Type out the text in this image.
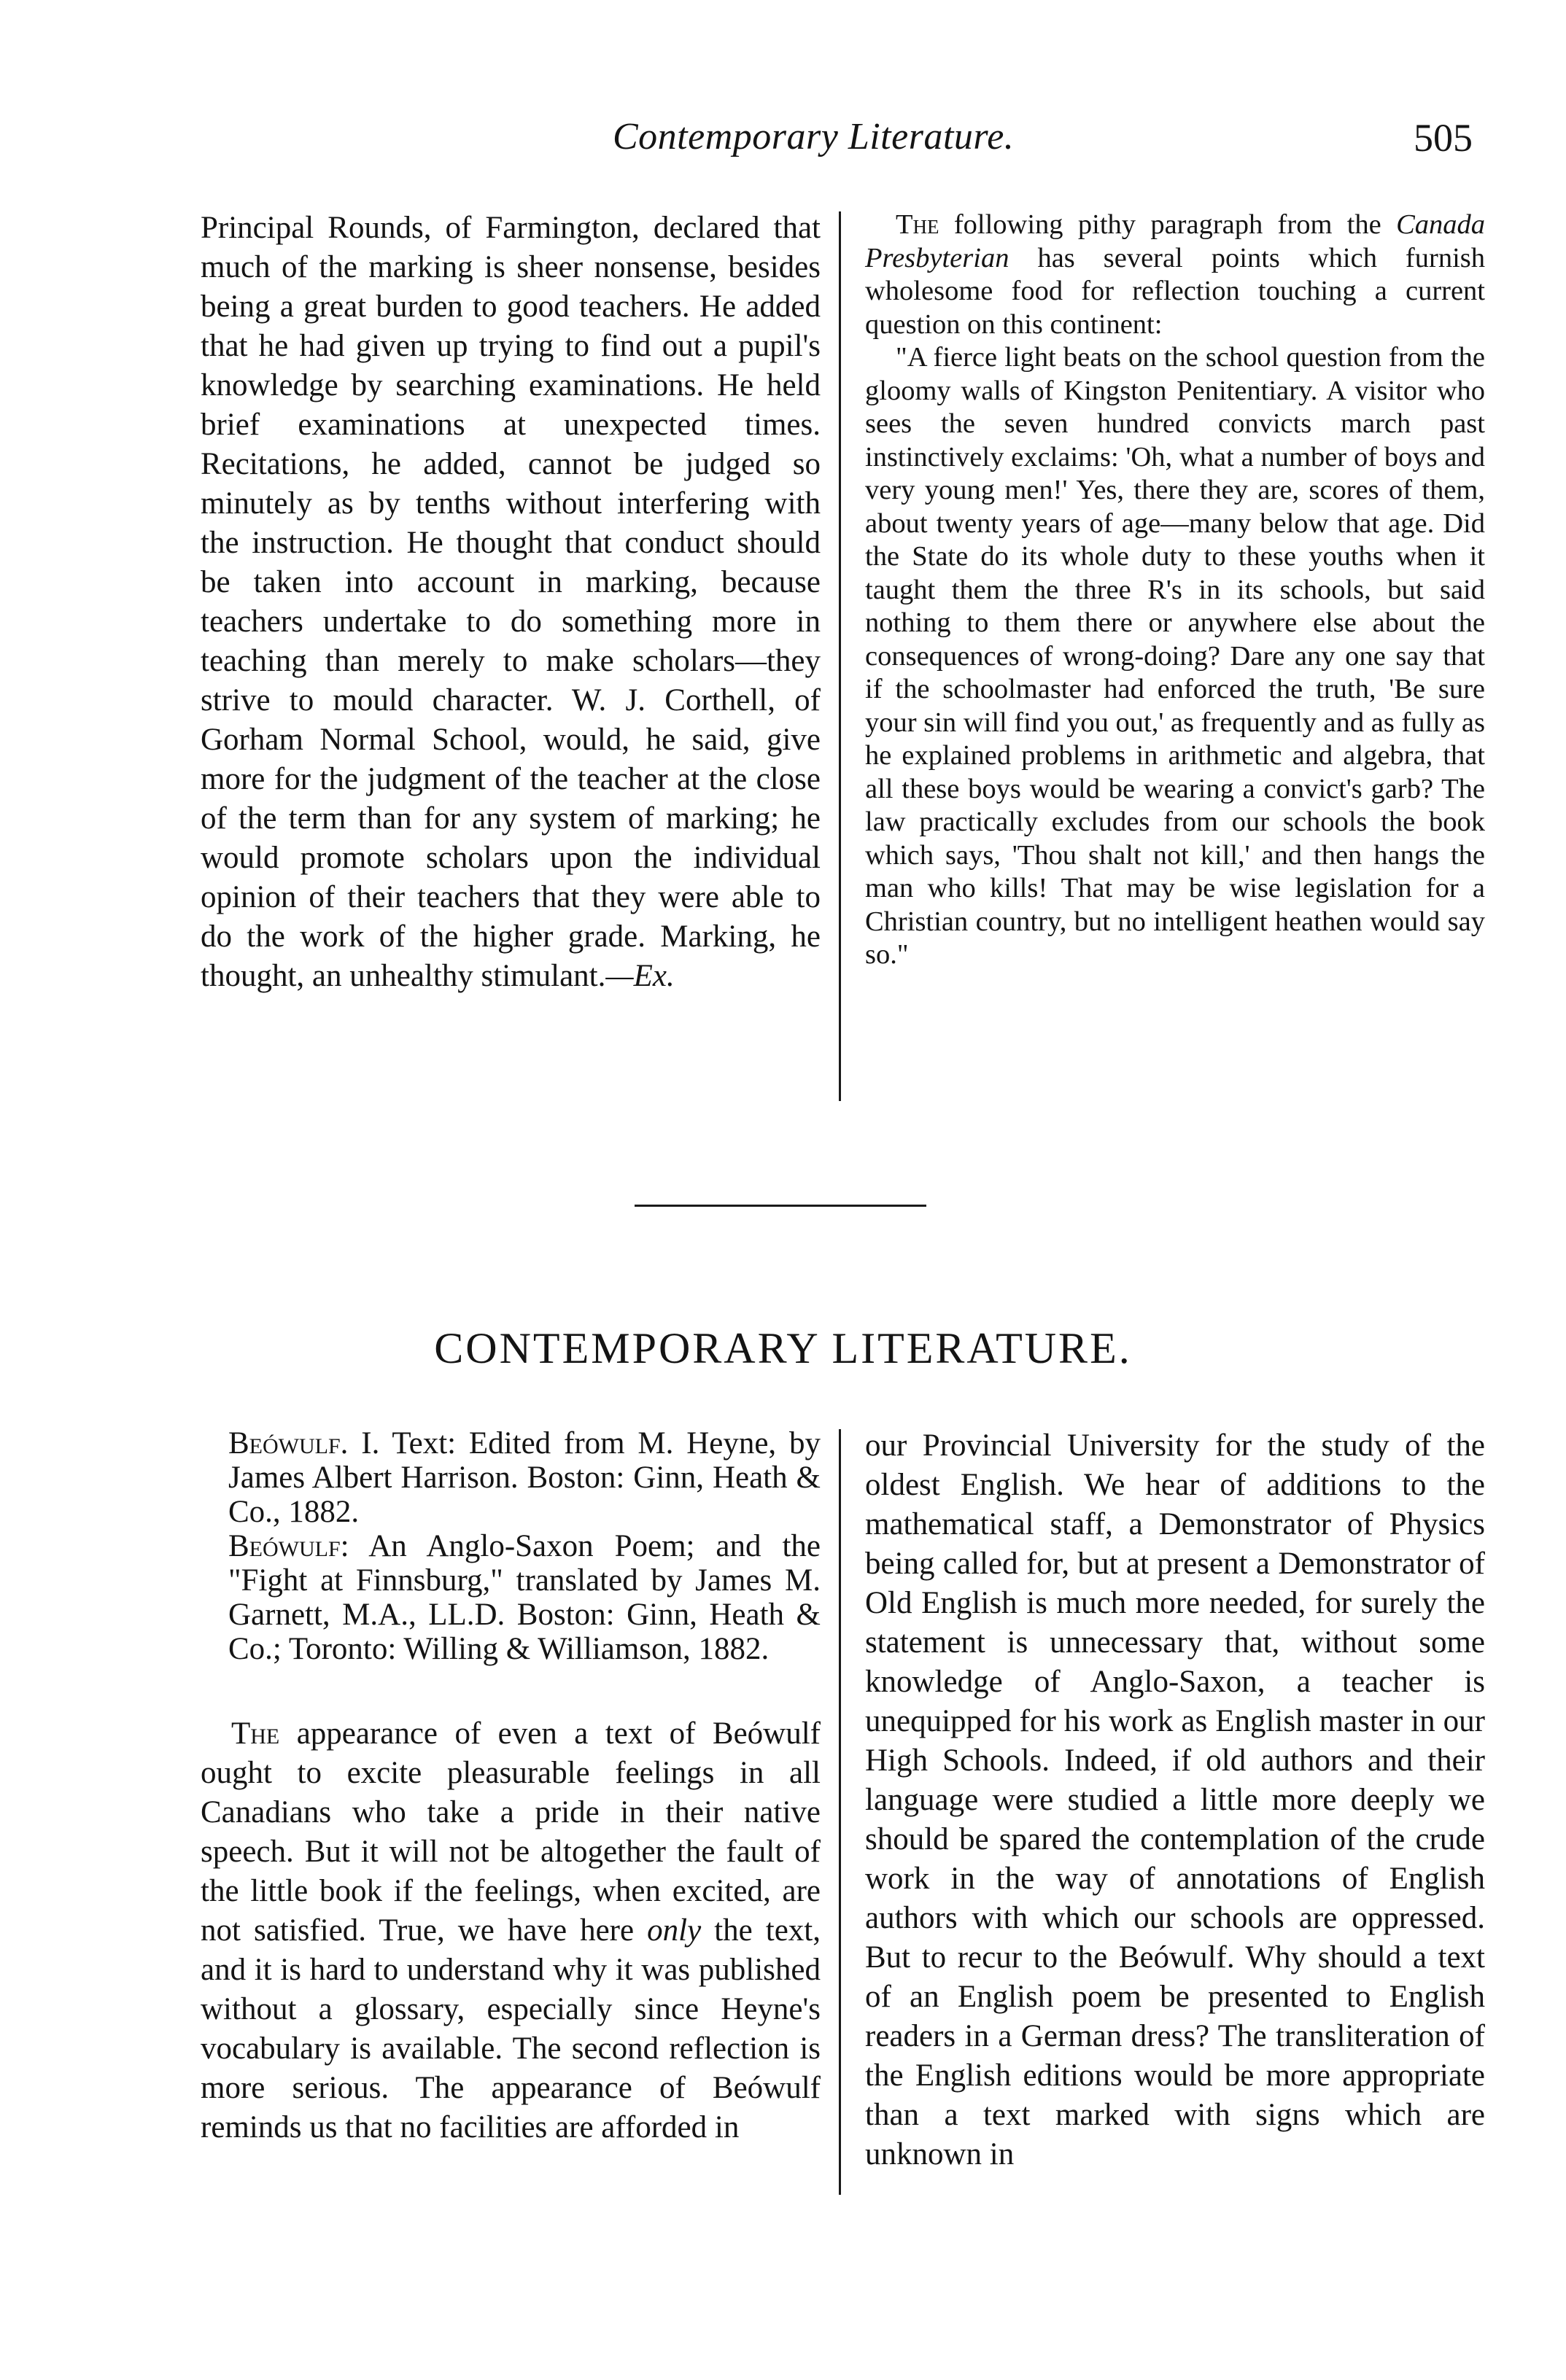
Contemporary Literature.	505

Principal Rounds, of Farmington, declared that much of the marking is sheer nonsense, besides being a great burden to good teachers. He added that he had given up trying to find out a pupil's knowledge by searching examinations. He held brief examinations at unexpected times. Recitations, he added, cannot be judged so minutely as by tenths without interfering with the instruction. He thought that conduct should be taken into account in marking, because teachers undertake to do something more in teaching than merely to make scholars—they strive to mould character. W. J. Corthell, of Gorham Normal School, would, he said, give more for the judgment of the teacher at the close of the term than for any system of marking; he would promote scholars upon the individual opinion of their teachers that they were able to do the work of the higher grade. Marking, he thought, an unhealthy stimulant.—Ex.

The following pithy paragraph from the Canada Presbyterian has several points which furnish wholesome food for reflection touching a current question on this continent:

"A fierce light beats on the school question from the gloomy walls of Kingston Penitentiary. A visitor who sees the seven hundred convicts march past instinctively exclaims: 'Oh, what a number of boys and very young men!' Yes, there they are, scores of them, about twenty years of age—many below that age. Did the State do its whole duty to these youths when it taught them the three R's in its schools, but said nothing to them there or anywhere else about the consequences of wrong-doing? Dare any one say that if the schoolmaster had enforced the truth, 'Be sure your sin will find you out,' as frequently and as fully as he explained problems in arithmetic and algebra, that all these boys would be wearing a convict's garb? The law practically excludes from our schools the book which says, 'Thou shalt not kill,' and then hangs the man who kills! That may be wise legislation for a Christian country, but no intelligent heathen would say so."

CONTEMPORARY LITERATURE.

Beówulf. I. Text: Edited from M. Heyne, by James Albert Harrison. Boston: Ginn, Heath & Co., 1882.

Beówulf: An Anglo-Saxon Poem; and the "Fight at Finnsburg," translated by James M. Garnett, M.A., LL.D. Boston: Ginn, Heath & Co.; Toronto: Willing & Williamson, 1882.

The appearance of even a text of Beówulf ought to excite pleasurable feelings in all Canadians who take a pride in their native speech. But it will not be altogether the fault of the little book if the feelings, when excited, are not satisfied. True, we have here only the text, and it is hard to understand why it was published without a glossary, especially since Heyne's vocabulary is available. The second reflection is more serious. The appearance of Beówulf reminds us that no facilities are afforded in

our Provincial University for the study of the oldest English. We hear of additions to the mathematical staff, a Demonstrator of Physics being called for, but at present a Demonstrator of Old English is much more needed, for surely the statement is unnecessary that, without some knowledge of Anglo-Saxon, a teacher is unequipped for his work as English master in our High Schools. Indeed, if old authors and their language were studied a little more deeply we should be spared the contemplation of the crude work in the way of annotations of English authors with which our schools are oppressed. But to recur to the Beówulf. Why should a text of an English poem be presented to English readers in a German dress? The transliteration of the English editions would be more appropriate than a text marked with signs which are unknown in
